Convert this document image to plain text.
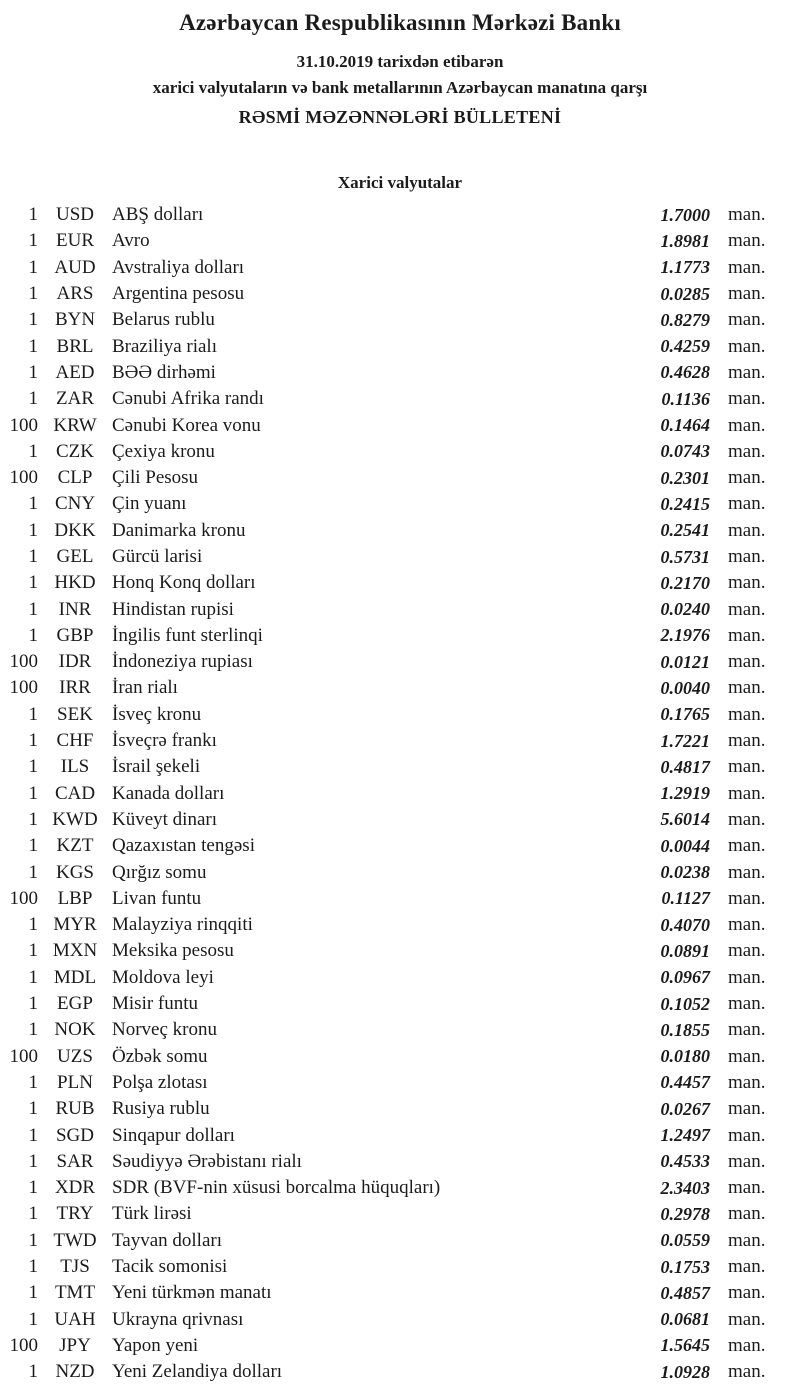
Azərbaycan Respublikasının Mərkəzi Bankı
31.10.2019 tarixdən etibarən
xarici valyutaların və bank metallarının Azərbaycan manatına qarşı
RƏSMİ MƏZƏNNƏLƏRİ BÜLLETENİ
Xarici valyutalar
1 USD ABŞ dolları	1.7000 man.
1 EUR Avro	1.8981 man.
1 AUD Avstraliya dolları	1.1773 man.
1 ARS Argentina pesosu	0.0285 man.
1 BYN Belarus rublu	0.8279 man.
1 BRL Braziliya rialı	0.4259 man.
1 AED BƏƏ dirhəmi	0.4628 man.
1 ZAR Cənubi Afrika randı	0.1136 man.
100 KRW Cənubi Korea vonu	0.1464 man.
1 CZK Çexiya kronu	0.0743 man.
100	CLP	Çili Pesosu	0.2301 man.
1 CNY Çin yuanı	0.2415 man.
1 DKK Danimarka kronu	0.2541 man.
1 GEL Gürcü larisi	0.5731 man.
1 HKD Honq Konq dolları	0.2170 man.
1	INR	Hindistan rupisi	0.0240 man.
1 GBP İngilis funt sterlinqi	2.1976 man.
100	IDR	İndoneziya rupiası	0.0121 man.
100	IRR	İran rialı	0.0040 man.
1	SEK	İsveç kronu	0.1765 man.
1 CHF İsveçrə frankı	1.7221 man.
1	ILS	İsrail şekeli	0.4817 man.
1 CAD Kanada dolları	1.2919 man.
1 KWD Küveyt dinarı	5.6014 man.
1 KZT Qazaxıstan tengəsi	0.0044 man.
1 KGS Qırğız somu	0.0238 man.
100	LBP	Livan funtu	0.1127 man.
1 MYR Malayziya rinqqiti	0.4070 man.
1 MXN Meksika pesosu	0.0891 man.
1 MDL Moldova leyi	0.0967 man.
1	EGP	Misir funtu	0.1052 man.
1 NOK Norveç kronu	0.1855 man.
100	UZS	Özbək somu	0.0180 man.
1	PLN	Polşa zlotası	0.4457 man.
1 RUB Rusiya rublu	0.0267 man.
1 SGD Sinqapur dolları	1.2497 man.
1 SAR Səudiyyə Ərəbistanı rialı	0.4533 man.
1 XDR SDR (BVF-nin xüsusi borcalma hüquqları)	2.3403 man.
1 TRY Türk lirəsi	0.2978 man.
1 TWD Tayvan dolları	0.0559 man.
1	TJS	Tacik somonisi	0.1753 man.
1 TMT Yeni türkmən manatı	0.4857 man.
1 UAH Ukrayna qrivnası	0.0681 man.
100	JPY	Yapon yeni	1.5645 man.
1 NZD Yeni Zelandiya dolları	1.0928 man.
